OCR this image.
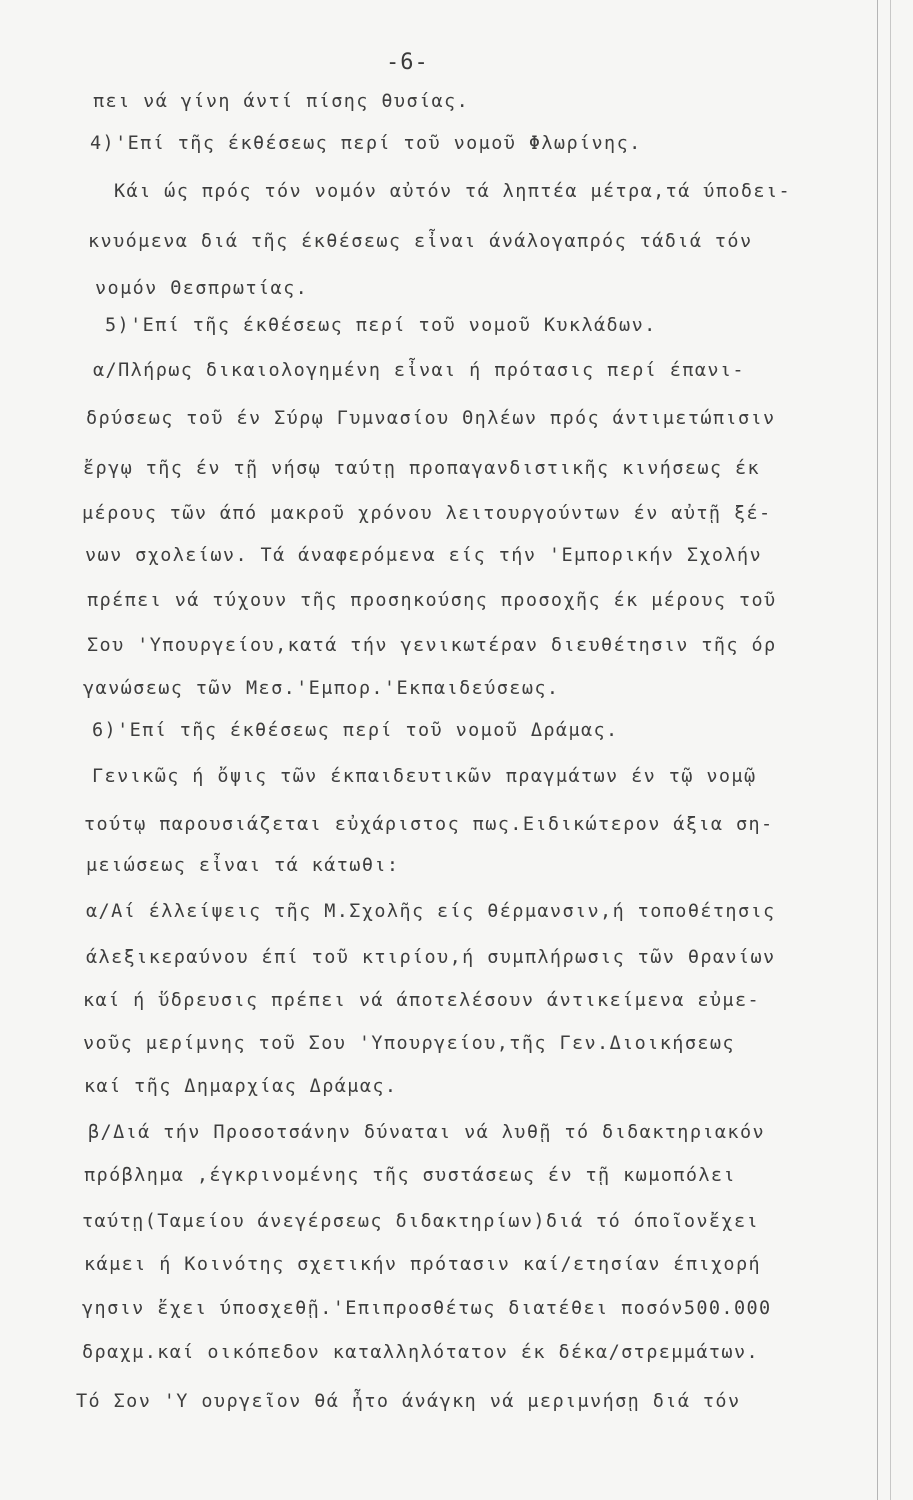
-6-
πει νά γίνη άντί πίσης θυσίας.
4)'Επί τῆς έκθέσεως περί τοῦ νομοῦ Φλωρίνης.
Κάι ώς πρός τόν νομόν αὐτόν τά ληπτέα μέτρα,τά ύποδει-
κνυόμενα διά τῆς έκθέσεως εἶναι άνάλογαπρός τάδιά τόν
νομόν Θεσπρωτίας.
5)'Επί τῆς έκθέσεως περί τοῦ νομοῦ Κυκλάδων.
α/Πλήρως δικαιολογημένη εἶναι ή πρότασις περί έπανι-
δρύσεως τοῦ έν Σύρῳ Γυμνασίου Θηλέων πρός άντιμετώπισιν
ἔργῳ τῆς έν τῇ νήσῳ ταύτῃ προπαγανδιστικῆς κινήσεως έκ
μέρους τῶν άπό μακροῦ χρόνου λειτουργούντων έν αὐτῇ ξέ-
νων σχολείων. Τά άναφερόμενα είς τήν 'Εμπορικήν Σχολήν
πρέπει νά τύχουν τῆς προσηκούσης προσοχῆς έκ μέρους τοῦ
Σου 'Υπουργείου,κατά τήν γενικωτέραν διευθέτησιν τῆς όρ
γανώσεως τῶν Μεσ.'Εμπορ.'Εκπαιδεύσεως.
6)'Επί τῆς έκθέσεως περί τοῦ νομοῦ Δράμας.
Γενικῶς ή ὄψις τῶν έκπαιδευτικῶν πραγμάτων έν τῷ νομῷ
τούτῳ παρουσιάζεται εὐχάριστος πως.Ειδικώτερον άξια ση-
μειώσεως εἶναι τά κάτωθι:
α/Αί έλλείψεις τῆς Μ.Σχολῆς είς θέρμανσιν,ή τοποθέτησις
άλεξικεραύνου έπί τοῦ κτιρίου,ή συμπλήρωσις τῶν θρανίων
καί ή ὕδρευσις πρέπει νά άποτελέσουν άντικείμενα εὐμε-
νοῦς μερίμνης τοῦ Σου 'Υπουργείου,τῆς Γεν.Διοικήσεως
καί τῆς Δημαρχίας Δράμας.
β/Διά τήν Προσοτσάνην δύναται νά λυθῇ τό διδακτηριακόν
πρόβλημα ,έγκρινομένης τῆς συστάσεως έν τῇ κωμοπόλει
ταύτῃ(Ταμείου άνεγέρσεως διδακτηρίων)διά τό όποῖονἔχει
κάμει ή Κοινότης σχετικήν πρότασιν καί/ετησίαν έπιχορή
γησιν ἔχει ύποσχεθῇ.'Επιπροσθέτως διατέθει ποσόν500.000
δραχμ.καί οικόπεδον καταλληλότατον έκ δέκα/στρεμμάτων.
Τό Σον 'Υ ουργεῖον θά ἦτο άνάγκη νά μεριμνήσῃ διά τόν
